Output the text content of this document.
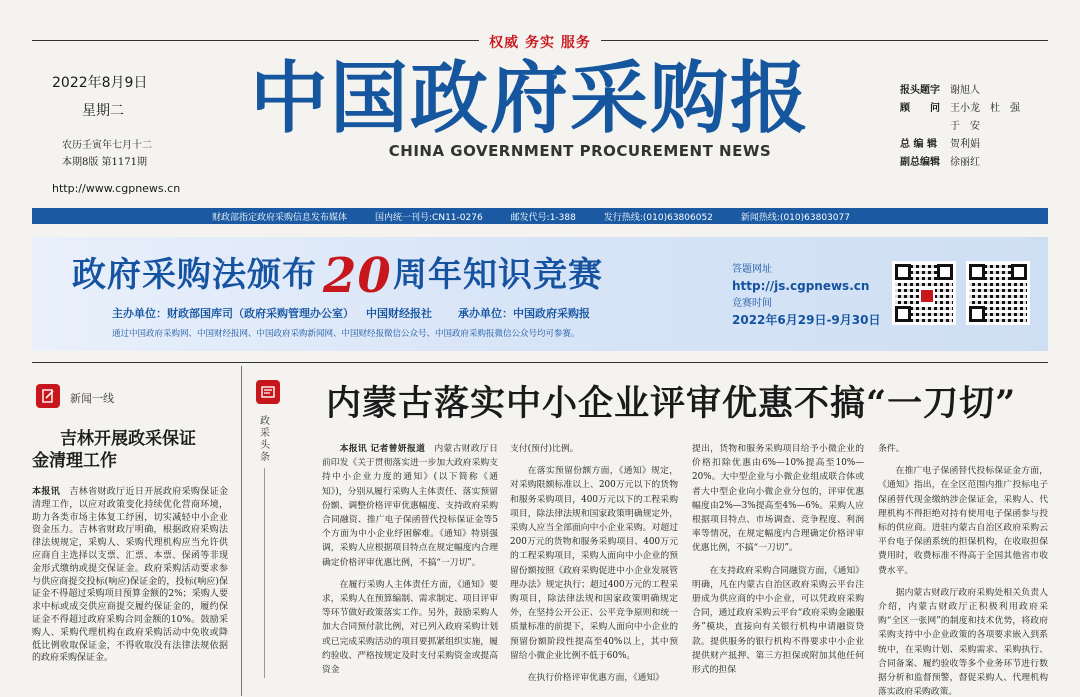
权威 务实 服务
2022年8月9日
星期二
农历壬寅年七月十二
本期8版 第1171期
http://www.cgpnews.cn
中国政府采购报
CHINA GOVERNMENT PROCUREMENT NEWS
报头题字 谢旭人
顾　　问 王小龙　杜　强
于　安
总 编 辑 贺利娟
副总编辑 徐丽红
财政部指定政府采购信息发布媒体	国内统一刊号:CN11-0276	邮发代号:1-388	发行热线:(010)63806052	新闻热线:(010)63803077
政府采购法颁布 20周年知识竞赛
主办单位：财政部国库司（政府采购管理办公室） 中国财经报社 承办单位：中国政府采购报
通过中国政府采购网、中国财经报网、中国政府采购新闻网、中国财经报微信公众号、中国政府采购报微信公众号均可参赛。
答题网址
http://js.cgpnews.cn
竞赛时间
2022年6月29日-9月30日
新闻一线
吉林开展政采保证
金清理工作
本报讯　 吉林省财政厅近日开展政府采购保证金清理工作，以应对政策变化持续优化营商环境，助力各类市场主体复工纾困，切实减轻中小企业资金压力。吉林省财政厅明确，根据政府采购法律法规规定，采购人、采购代理机构应当允许供应商自主选择以支票、汇票、本票、保函等非现金形式缴纳或提交保证金。政府采购活动要求参与供应商提交投标(响应)保证金的，投标(响应)保证金不得超过采购项目预算金额的2%；采购人要求中标或成交供应商提交履约保证金的，履约保证金不得超过政府采购合同金额的10%。鼓励采购人、采购代理机构在政府采购活动中免收或降低比例收取保证金，不得收取没有法律法规依据的政府采购保证金。
政
采
头
条
内蒙古落实中小企业评审优惠不搞“一刀切”

本报讯 记者曾妍报道　 内蒙古财政厅日前印发《关于贯彻落实进一步加大政府采购支持中小企业力度的通知》(以下简称《通知》)，分别从履行采购人主体责任、落实预留份额、调整价格评审优惠幅度、支持政府采购合同融资、推广电子保函替代投标保证金等5个方面为中小企业纾困解难。《通知》特别强调，采购人应根据项目特点在规定幅度内合理确定价格评审优惠比例，不搞“一刀切”。

在履行采购人主体责任方面，《通知》要求，采购人在预算编制、需求制定、项目评审等环节做好政策落实工作。另外，鼓励采购人加大合同预付款比例，对已列入政府采购计划或已完成采购活动的项目要抓紧组织实施，履约验收、严格按规定及时支付采购资金或提高资金

支付(预付)比例。

在落实预留份额方面，《通知》规定，对采购限额标准以上、200万元以下的货物和服务采购项目，400万元以下的工程采购项目，除法律法规和国家政策明确规定外，采购人应当全部面向中小企业采购。对超过200万元的货物和服务采购项目、400万元的工程采购项目，采购人面向中小企业的预留份额按照《政府采购促进中小企业发展管理办法》规定执行；超过400万元的工程采购项目，除法律法规和国家政策明确规定外，在坚持公开公正、公平竞争原则和统一质量标准的前提下，采购人面向中小企业的预留份额阶段性提高至40%以上，其中预留给小微企业比例不低于60%。

在执行价格评审优惠方面，《通知》

提出，货物和服务采购项目给予小微企业的价格扣除优惠由6%—10%提高至10%—20%。大中型企业与小微企业组成联合体或者大中型企业向小微企业分包的，评审优惠幅度由2%—3%提高至4%—6%。采购人应根据项目特点、市场调查、竞争程度、利润率等情况，在规定幅度内合理确定价格评审优惠比例，不搞“一刀切”。

在支持政府采购合同融资方面，《通知》明确，凡在内蒙古自治区政府采购云平台注册成为供应商的中小企业，可以凭政府采购合同，通过政府采购云平台“政府采购金融服务”模块，直接向有关银行机构申请融资贷款。提供服务的银行机构不得要求中小企业提供财产抵押、第三方担保或附加其他任何形式的担保

条件。

在推广电子保函替代投标保证金方面，《通知》指出，在全区范围内推广投标电子保函替代现金缴纳涉企保证金，采购人、代理机构不得拒绝对持有使用电子保函参与投标的供应商。进驻内蒙古自治区政府采购云平台电子保函系统的担保机构，在收取担保费用时，收费标准不得高于全国其他省市收费水平。

据内蒙古财政厅政府采购处相关负责人介绍，内蒙古财政厅正积极利用政府采购“全区一张网”的制度和技术优势，将政府采购支持中小企业政策的各项要求嵌入到系统中，在采购计划、采购需求、采购执行、合同备案、履约验收等多个业务环节进行数据分析和监督预警，督促采购人、代理机构落实政府采购政策。
